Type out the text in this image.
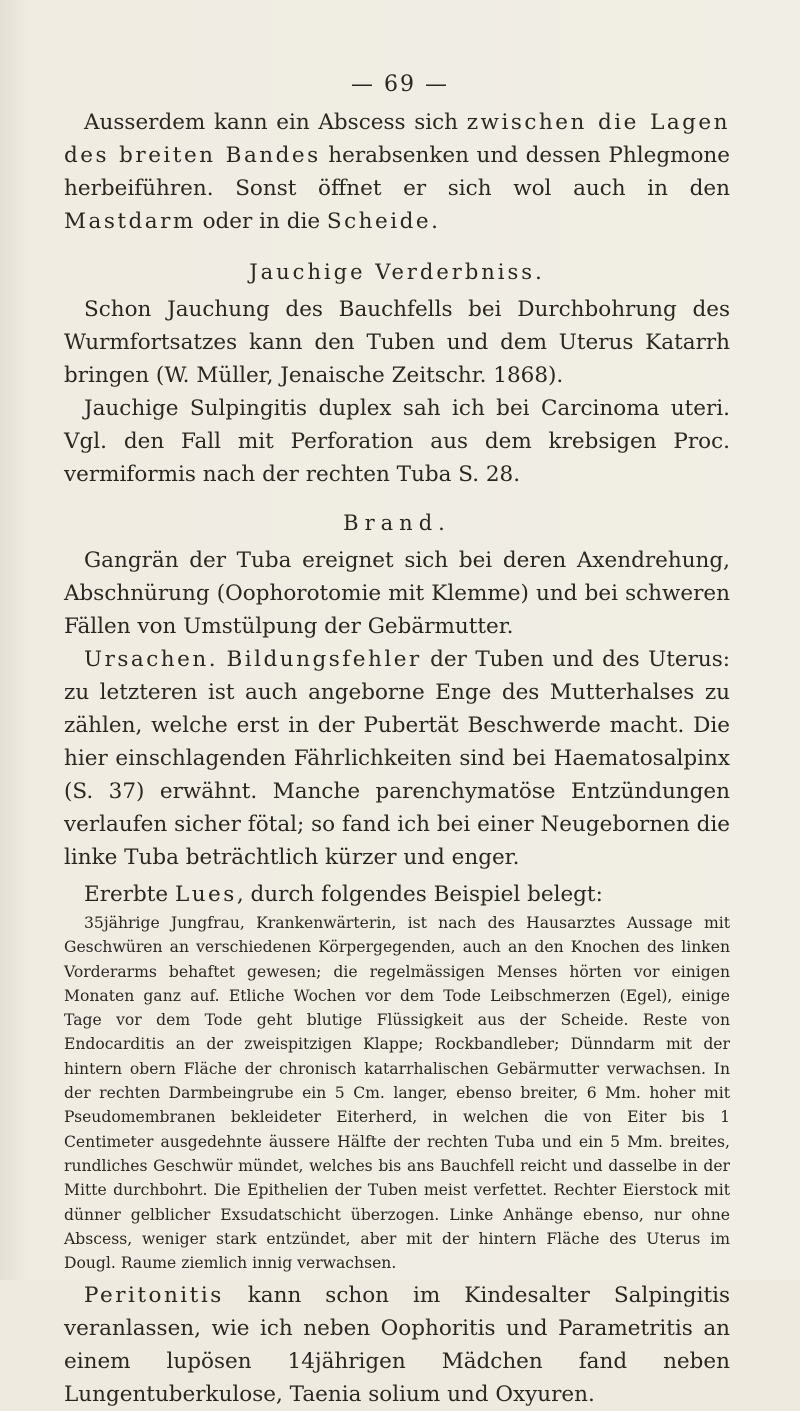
— 69 —

Ausserdem kann ein Abscess sich zwischen die Lagen des breiten Bandes herabsenken und dessen Phlegmone herbeiführen. Sonst öffnet er sich wol auch in den Mastdarm oder in die Scheide.

Jauchige Verderbniss.

Schon Jauchung des Bauchfells bei Durchbohrung des Wurmfortsatzes kann den Tuben und dem Uterus Katarrh bringen (W. Müller, Jenaische Zeitschr. 1868).

Jauchige Sulpingitis duplex sah ich bei Carcinoma uteri. Vgl. den Fall mit Perforation aus dem krebsigen Proc. vermiformis nach der rechten Tuba S. 28.

Brand.

Gangrän der Tuba ereignet sich bei deren Axendrehung, Abschnürung (Oophorotomie mit Klemme) und bei schweren Fällen von Umstülpung der Gebärmutter.

Ursachen. Bildungsfehler der Tuben und des Uterus: zu letzteren ist auch angeborne Enge des Mutterhalses zu zählen, welche erst in der Pubertät Beschwerde macht. Die hier einschlagenden Fährlichkeiten sind bei Haematosalpinx (S. 37) erwähnt. Manche parenchymatöse Entzündungen verlaufen sicher fötal; so fand ich bei einer Neugebornen die linke Tuba beträchtlich kürzer und enger.

Ererbte Lues, durch folgendes Beispiel belegt:

35jährige Jungfrau, Krankenwärterin, ist nach des Hausarztes Aussage mit Geschwüren an verschiedenen Körpergegenden, auch an den Knochen des linken Vorderarms behaftet gewesen; die regelmässigen Menses hörten vor einigen Monaten ganz auf. Etliche Wochen vor dem Tode Leibschmerzen (Egel), einige Tage vor dem Tode geht blutige Flüssigkeit aus der Scheide. Reste von Endocarditis an der zweispitzigen Klappe; Rockbandleber; Dünndarm mit der hintern obern Fläche der chronisch katarrhalischen Gebärmutter verwachsen. In der rechten Darmbeingrube ein 5 Cm. langer, ebenso breiter, 6 Mm. hoher mit Pseudomembranen bekleideter Eiterherd, in welchen die von Eiter bis 1 Centimeter ausgedehnte äussere Hälfte der rechten Tuba und ein 5 Mm. breites, rundliches Geschwür mündet, welches bis ans Bauchfell reicht und dasselbe in der Mitte durchbohrt. Die Epithelien der Tuben meist verfettet. Rechter Eierstock mit dünner gelblicher Exsudatschicht überzogen. Linke Anhänge ebenso, nur ohne Abscess, weniger stark entzündet, aber mit der hintern Fläche des Uterus im Dougl. Raume ziemlich innig verwachsen.

Peritonitis kann schon im Kindesalter Salpingitis veranlassen, wie ich neben Oophoritis und Parametritis an einem lupösen 14jährigen Mädchen fand neben Lungentuberkulose, Taenia solium und Oxyuren.
